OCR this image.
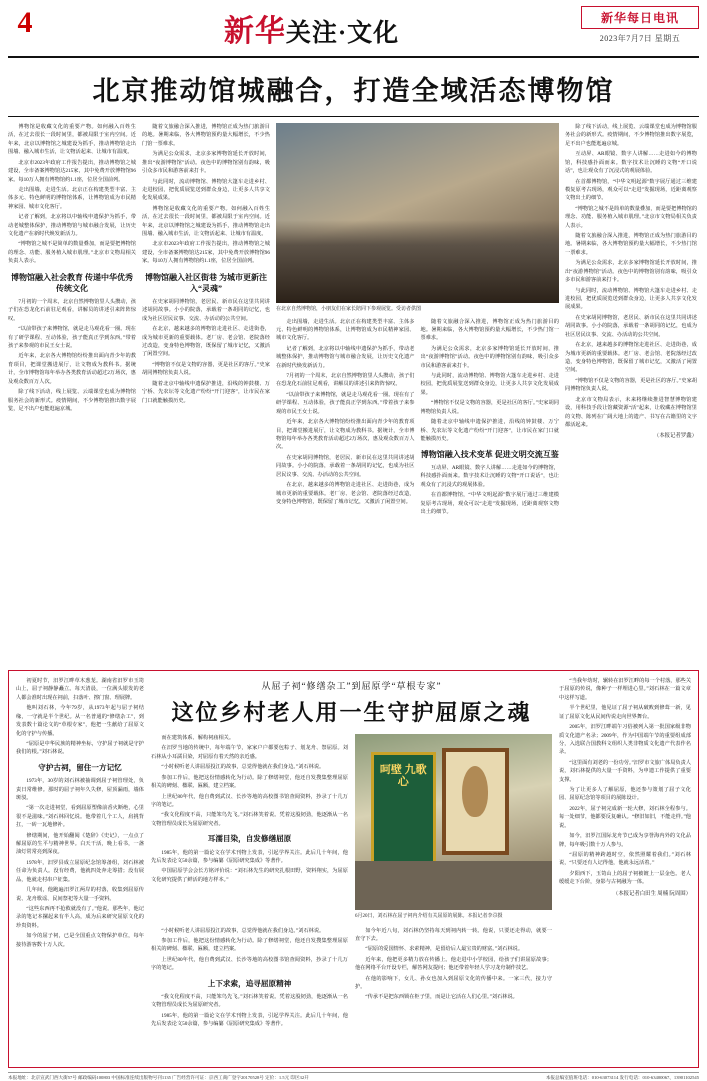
4	新华关注·文化
新华每日电讯
2023年7月7日 星期五
北京推动馆城融合，打造全域活态博物馆

博物馆是收藏文化的重要产物。如何融入百姓生活，在过去很长一段时间里，都被局限于室内空间。近年来，北京以博物馆之城建设为抓手，推动博物馆走出围墙、融入城市生活，让文物活起来、让城市有温度。

北京市2023年政府工作报告提出，推动博物馆之城建设，全市备案博物馆达215家，其中免费开放博物馆96家。每10万人拥有博物馆约1.1座，位居全国前列。

走出围墙，走进生活。北京正在构建类型丰富、主体多元、特色鲜明的博物馆体系，让博物馆成为市民精神家园、城市文化客厅。

记者了解到，北京将以中轴线申遗保护为抓手，带动老城整体保护，推动博物馆与城市融合发展，让历史文化遗产在新时代焕发新活力。

“博物馆之城不是简单的数量叠加，而是要把博物馆的理念、功能、服务植入城市肌理。”北京市文物局相关负责人表示。

博物馆融入社会教育 传递中华优秀传统文化

7月初的一个周末，北京自然博物馆里人头攒动，孩子们在恐龙化石前驻足观看，讲解员的讲述引来阵阵惊叹。

“以前带孩子来博物馆，就是走马观花看一圈。现在有了研学课程、互动体验，孩子能真正学到东西。”带着孩子来参观的市民王女士说。

近年来，北京各大博物馆纷纷推出面向青少年的教育项目，把课堂搬进展厅，让文物成为教科书。据统计，全市博物馆每年举办各类教育活动超过2万场次，惠及观众数百万人次。

除了线下活动，线上展览、云端课堂也成为博物馆服务社会的新形式。疫情期间，不少博物馆推出数字展览，足不出户也能逛遍京城。

随着文旅融合深入推进，博物馆正成为热门旅游目的地。暑期来临，各大博物馆预约量大幅增长，不少热门馆一票难求。

为满足公众需求，北京多家博物馆延长开放时间，推出“夜游博物馆”活动。夜色中的博物馆别有韵味，吸引众多市民和游客前来打卡。

与此同时，流动博物馆、博物馆大篷车走进乡村、走进校园，把优质展览送到群众身边，让更多人共享文化发展成果。

博物馆是收藏文化的重要产物。如何融入百姓生活，在过去很长一段时间里，都被局限于室内空间。近年来，北京以博物馆之城建设为抓手，推动博物馆走出围墙、融入城市生活，让文物活起来、让城市有温度。

北京市2023年政府工作报告提出，推动博物馆之城建设，全市备案博物馆达215家，其中免费开放博物馆96家。每10万人拥有博物馆约1.1座，位居全国前列。

博物馆融入社区街巷 为城市更新注入“灵魂”

在史家胡同博物馆，老居民、新市民在这里共同讲述胡同故事。小小的院落，承载着一条胡同的记忆，也成为社区居民议事、交流、办活动的公共空间。

在北京，越来越多的博物馆走进社区、走进街巷，成为城市更新的重要载体。老厂房、老会馆、老院落经过改造，变身特色博物馆，既保留了城市记忆，又激活了闲置空间。

“博物馆不仅是文物的容器，更是社区的客厅。”史家胡同博物馆负责人说。

随着北京中轴线申遗保护推进，沿线的钟鼓楼、万宁桥、先农坛等文化遗产纷纷“开门迎客”，让市民在家门口就能触摸历史。

在北京自然博物馆，小朋友们在家长陪同下参观展览。受访者供图

走出围墙，走进生活。北京正在构建类型丰富、主体多元、特色鲜明的博物馆体系，让博物馆成为市民精神家园、城市文化客厅。

记者了解到，北京将以中轴线申遗保护为抓手，带动老城整体保护，推动博物馆与城市融合发展，让历史文化遗产在新时代焕发新活力。

7月初的一个周末，北京自然博物馆里人头攒动，孩子们在恐龙化石前驻足观看，讲解员的讲述引来阵阵惊叹。

“以前带孩子来博物馆，就是走马观花看一圈。现在有了研学课程、互动体验，孩子能真正学到东西。”带着孩子来参观的市民王女士说。

近年来，北京各大博物馆纷纷推出面向青少年的教育项目，把课堂搬进展厅，让文物成为教科书。据统计，全市博物馆每年举办各类教育活动超过2万场次，惠及观众数百万人次。

在史家胡同博物馆，老居民、新市民在这里共同讲述胡同故事。小小的院落，承载着一条胡同的记忆，也成为社区居民议事、交流、办活动的公共空间。

在北京，越来越多的博物馆走进社区、走进街巷，成为城市更新的重要载体。老厂房、老会馆、老院落经过改造，变身特色博物馆，既保留了城市记忆，又激活了闲置空间。

随着文旅融合深入推进，博物馆正成为热门旅游目的地。暑期来临，各大博物馆预约量大幅增长，不少热门馆一票难求。

为满足公众需求，北京多家博物馆延长开放时间，推出“夜游博物馆”活动。夜色中的博物馆别有韵味，吸引众多市民和游客前来打卡。

与此同时，流动博物馆、博物馆大篷车走进乡村、走进校园，把优质展览送到群众身边，让更多人共享文化发展成果。

“博物馆不仅是文物的容器，更是社区的客厅。”史家胡同博物馆负责人说。

随着北京中轴线申遗保护推进，沿线的钟鼓楼、万宁桥、先农坛等文化遗产纷纷“开门迎客”，让市民在家门口就能触摸历史。

博物馆融入技术变革 促进文明交流互鉴

互动屏、AR眼镜、数字人讲解……走进如今的博物馆，科技感扑面而来。数字技术让沉睡的文物“开口说话”，也让观众有了沉浸式的观展体验。

在首都博物馆，“中华文明起源”数字展厅通过三维建模复原考古现场，观众可以“走进”发掘现场，近距离观察文物出土的细节。

除了线下活动，线上展览、云端课堂也成为博物馆服务社会的新形式。疫情期间，不少博物馆推出数字展览，足不出户也能逛遍京城。

互动屏、AR眼镜、数字人讲解……走进如今的博物馆，科技感扑面而来。数字技术让沉睡的文物“开口说话”，也让观众有了沉浸式的观展体验。

在首都博物馆，“中华文明起源”数字展厅通过三维建模复原考古现场，观众可以“走进”发掘现场，近距离观察文物出土的细节。

“博物馆之城不是简单的数量叠加，而是要把博物馆的理念、功能、服务植入城市肌理。”北京市文物局相关负责人表示。

随着文旅融合深入推进，博物馆正成为热门旅游目的地。暑期来临，各大博物馆预约量大幅增长，不少热门馆一票难求。

为满足公众需求，北京多家博物馆延长开放时间，推出“夜游博物馆”活动。夜色中的博物馆别有韵味，吸引众多市民和游客前来打卡。

与此同时，流动博物馆、博物馆大篷车走进乡村、走进校园，把优质展览送到群众身边，让更多人共享文化发展成果。

在史家胡同博物馆，老居民、新市民在这里共同讲述胡同故事。小小的院落，承载着一条胡同的记忆，也成为社区居民议事、交流、办活动的公共空间。

在北京，越来越多的博物馆走进社区、走进街巷，成为城市更新的重要载体。老厂房、老会馆、老院落经过改造，变身特色博物馆，既保留了城市记忆，又激活了闲置空间。

“博物馆不仅是文物的容器，更是社区的客厅。”史家胡同博物馆负责人说。

北京市文物局表示，未来将继续推进智慧博物馆建设，用科技手段让馆藏资源“活”起来，让收藏在博物馆里的文物、陈列在广阔大地上的遗产、书写在古籍里的文字都活起来。

（本报记者罗鑫）

初夏时节，汨罗江畔草木葱茏。湖南省汨罗市玉笥山上，屈子祠静静矗立。每天清晨，一位满头银发的老人都会准时出现在祠前，扫落叶、擦门窗、理展牌。

他叫刘石林，今年79岁，从1973年起与屈子祠结缘，一守就是半个世纪。从一名普通的“修缮杂工”，到发表数十篇论文的“草根专家”，他把一生献给了屈原文化的守护与传播。

“屈原是中华民族的精神坐标，守护屈子祠就是守护我们的根。”刘石林说。

守护古祠，留住一方记忆

1973年，30岁的刘石林被抽调到屈子祠管理处，负责日常维修。那时的屈子祠年久失修，屋顶漏雨，墙体斑驳。

“第一次走进祠堂，看到屈原塑像前香火断绝，心里很不是滋味。”刘石林回忆说。他带着几个工人，肩挑背扛，一砖一瓦地修补。

修缮期间，他开始翻阅《楚辞》《史记》，一点点了解屈原的生平与精神世界。白天干活，晚上看书，一盏油灯常常亮到深夜。

1978年，汨罗县成立屈原纪念馆筹备组，刘石林被任命为负责人。没有经费，他就四处奔走筹措；没有展品，他就走村串户征集。

几年间，他跑遍汨罗江两岸的村落，收集到屈原传说、龙舟歌谣、民间祭祀等大量一手资料。

“这些东西再不抢救就没有了。”他说。那些年，他记录的笔记本摞起来有半人高，成为后来研究屈原文化的珍贵资料。

如今的屈子祠，已是全国重点文物保护单位，每年接待游客数十万人次。

从屈子祠“修缮杂工”到屈原学“草根专家”
这位乡村老人用一生守护屈原之魂

而在建筑体系、解构祠庙相关。

在汨罗当地的传统中，每年端午节，家家户户都要包粽子、划龙舟、祭屈原。刘石林从小耳濡目染，对屈原有着天然的亲近感。

“小时候听老人讲屈原投江的故事，总觉得他就在我们身边。”刘石林说。

参加工作后，他把这份情感转化为行动。除了修缮祠堂，他还自发搜集整理屈原相关的碑刻、楹联、匾额，建立档案。

上世纪80年代，他自费到武汉、长沙等地的高校图书馆查阅资料，抄录了十几万字的笔记。

“我文化程度不高，只能笨鸟先飞。”刘石林笑着说。凭着这股韧劲，他逐渐从一名文物管理员成长为屈原研究者。

耳濡目染，自发修缮屈原

1985年，他的第一篇论文在学术刊物上发表，引起学界关注。此后几十年间，他先后发表论文50余篇，参与编纂《屈原研究集成》等著作。

中国屈原学会会长方铭评价说：“刘石林先生的研究扎根田野，资料翔实，为屈原文化研究提供了鲜活的地方样本。”

呵壁 九歌 心
6月20日，刘石林在屈子祠内介绍有关屈原的展陈。本报记者李尕摄

“小时候听老人讲屈原投江的故事，总觉得他就在我们身边。”刘石林说。

参加工作后，他把这份情感转化为行动。除了修缮祠堂，他还自发搜集整理屈原相关的碑刻、楹联、匾额，建立档案。

上世纪80年代，他自费到武汉、长沙等地的高校图书馆查阅资料，抄录了十几万字的笔记。

上下求索，追寻屈原精神

“我文化程度不高，只能笨鸟先飞。”刘石林笑着说。凭着这股韧劲，他逐渐从一名文物管理员成长为屈原研究者。

1985年，他的第一篇论文在学术刊物上发表，引起学界关注。此后几十年间，他先后发表论文50余篇，参与编纂《屈原研究集成》等著作。

如今年近八旬，刘石林仍坚持每天到祠内转一转。他说，只要还走得动，就要一直守下去。

“屈原的爱国情怀、求索精神，是留给后人最宝贵的财富。”刘石林说。

近年来，他把更多精力放在传播上。他走进中小学校园，给孩子们讲屈原故事；他在网络平台开设专栏，解答网友提问；他还带着年轻人学习龙舟制作技艺。

在他的影响下，女儿、孙女也加入到屈原文化的传播中来。一家三代，接力守护。

“传承不是把东西锁在柜子里，而是让它活在人们心里。”刘石林说。

“当我年幼时，辗转在汨罗江畔的每一个村落，那些关于屈原的传说，像种子一样埋进心里。”刘石林在一篇文章中这样写道。

半个世纪里，他见证了屈子祠从破败到修葺一新，见证了屈原文化从民间传说走向世界舞台。

2005年，汨罗江畔端午习俗被列入第一批国家级非物质文化遗产名录；2009年，作为中国端午节的重要组成部分，入选联合国教科文组织人类非物质文化遗产代表作名录。

“这里面有刘老的一份功劳。”汨罗市文旅广体局负责人说，刘石林提供的大量一手资料，为申遗工作提供了重要支撑。

为了让更多人了解屈原，他还参与策划了屈子文化园、屈原纪念馆等项目的展陈设计。

2022年，屈子祠完成新一轮大修，刘石林全程参与。每一处细节，他都要反复确认。“修旧如旧，不能走样。”他说。

如今，汨罗江国际龙舟节已成为享誉海内外的文化品牌，每年吸引数十万人参与。

“屈原的精神跨越时空，依然照耀着我们。”刘石林说，“只要还有人记得他，他就永远活着。”

夕阳西下，玉笥山上的屈子祠被镀上一层金色。老人缓缓走下台阶，身影与古祠融为一体。

（本报记者白田生 周楠 阮周围）
本报地址：北京宣武门西大街57号 邮政编码100803 中国标准连续出版物号刊1135 广告经营许可证：京西工商广登字20170528号 定价：1.5元 印区32开	本报总编室值班电话：010-63073114 发行电话：010-63400067、13901102545
